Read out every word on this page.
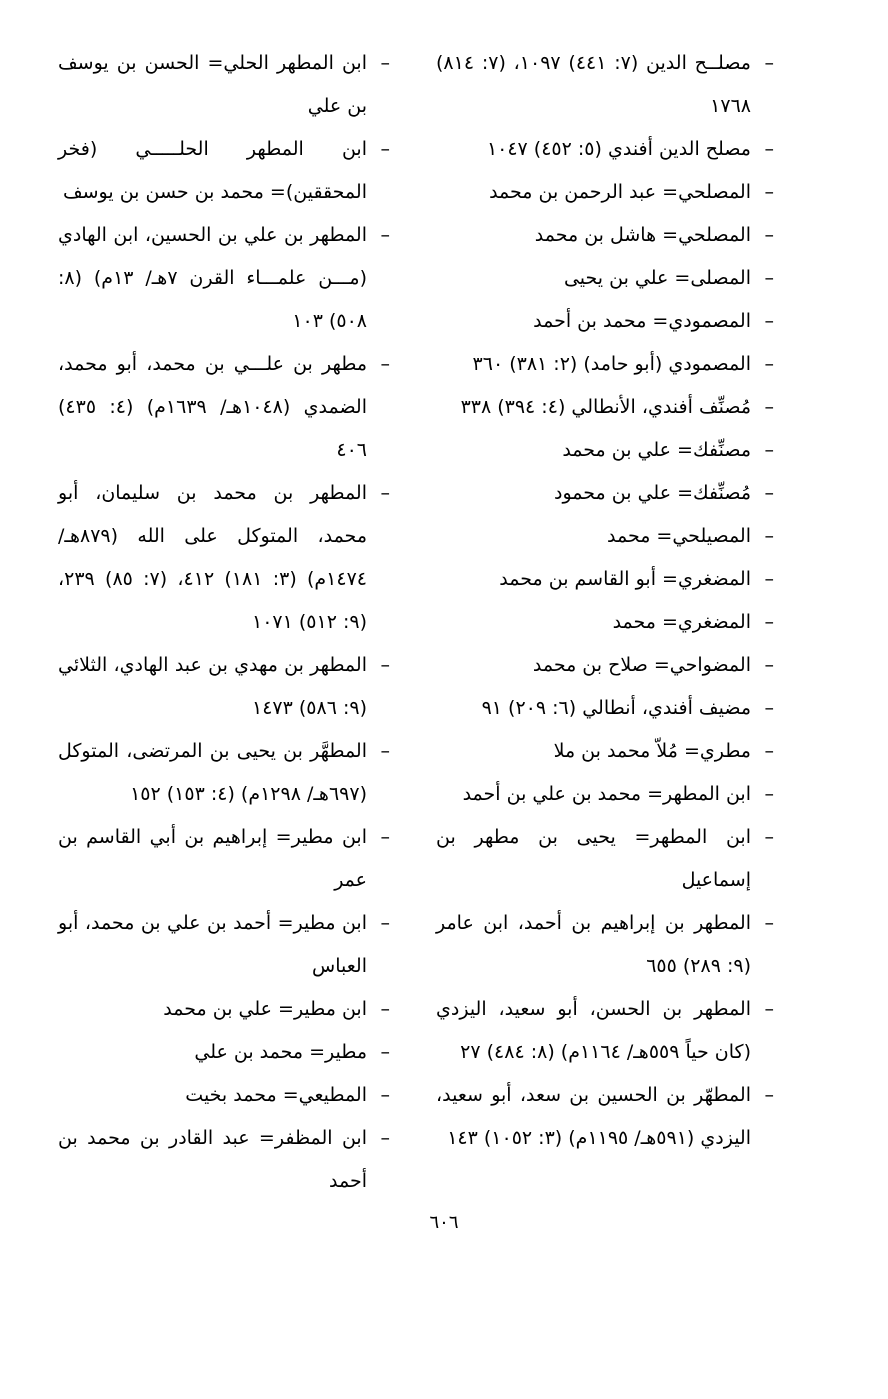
– مصلــح الدين (٧: ٤٤١) ١٠٩٧، (٧: ٨١٤) ١٧٦٨
– مصلح الدين أفندي (٥: ٤٥٢) ١٠٤٧
– المصلحي= عبد الرحمن بن محمد
– المصلحي= هاشل بن محمد
– المصلى= علي بن يحيى
– المصمودي= محمد بن أحمد
– المصمودي (أبو حامد) (٢: ٣٨١) ٣٦٠
– مُصنِّف أفندي، الأنطالي (٤: ٣٩٤) ٣٣٨
– مصنِّفك= علي بن محمد
– مُصنِّفك= علي بن محمود
– المصيلحي= محمد
– المضغري= أبو القاسم بن محمد
– المضغري= محمد
– المضواحي= صلاح بن محمد
– مضيف أفندي، أنطالي (٦: ٢٠٩) ٩١
– مطري= مُلاّ محمد بن ملا
– ابن المطهر= محمد بن علي بن أحمد
– ابن المطهر= يحيى بن مطهر بن إسماعيل
– المطهر بن إبراهيم بن أحمد، ابن عامر (٩: ٢٨٩) ٦٥٥
– المطهر بن الحسن، أبو سعيد، اليزدي (كان حياً ٥٥٩هـ/ ١١٦٤م) (٨: ٤٨٤) ٢٧
– المطهّر بن الحسين بن سعد، أبو سعيد، اليزدي (٥٩١هـ/ ١١٩٥م) (٣: ١٠٥٢) ١٤٣
– ابن المطهر الحلي= الحسن بن يوسف بن علي
– ابن المطهر الحلـــــي (فخر المحققين)= محمد بن حسن بن يوسف
– المطهر بن علي بن الحسين، ابن الهادي (مـــن علمـــاء القرن ٧هـ/ ١٣م) (٨: ٥٠٨) ١٠٣
– مطهر بن علـــي بن محمد، أبو محمد، الضمدي (١٠٤٨هـ/ ١٦٣٩م) (٤: ٤٣٥) ٤٠٦
– المطهر بن محمد بن سليمان، أبو محمد، المتوكل على الله (٨٧٩هـ/ ١٤٧٤م) (٣: ١٨١) ٤١٢، (٧: ٨٥) ٢٣٩، (٩: ٥١٢) ١٠٧١
– المطهر بن مهدي بن عبد الهادي، الثلائي (٩: ٥٨٦) ١٤٧٣
– المطهَّر بن يحيى بن المرتضى، المتوكل (٦٩٧هـ/ ١٢٩٨م) (٤: ١٥٣) ١٥٢
– ابن مطير= إبراهيم بن أبي القاسم بن عمر
– ابن مطير= أحمد بن علي بن محمد، أبو العباس
– ابن مطير= علي بن محمد
– مطير= محمد بن علي
– المطيعي= محمد بخيت
– ابن المظفر= عبد القادر بن محمد بن أحمد
٦٠٦
